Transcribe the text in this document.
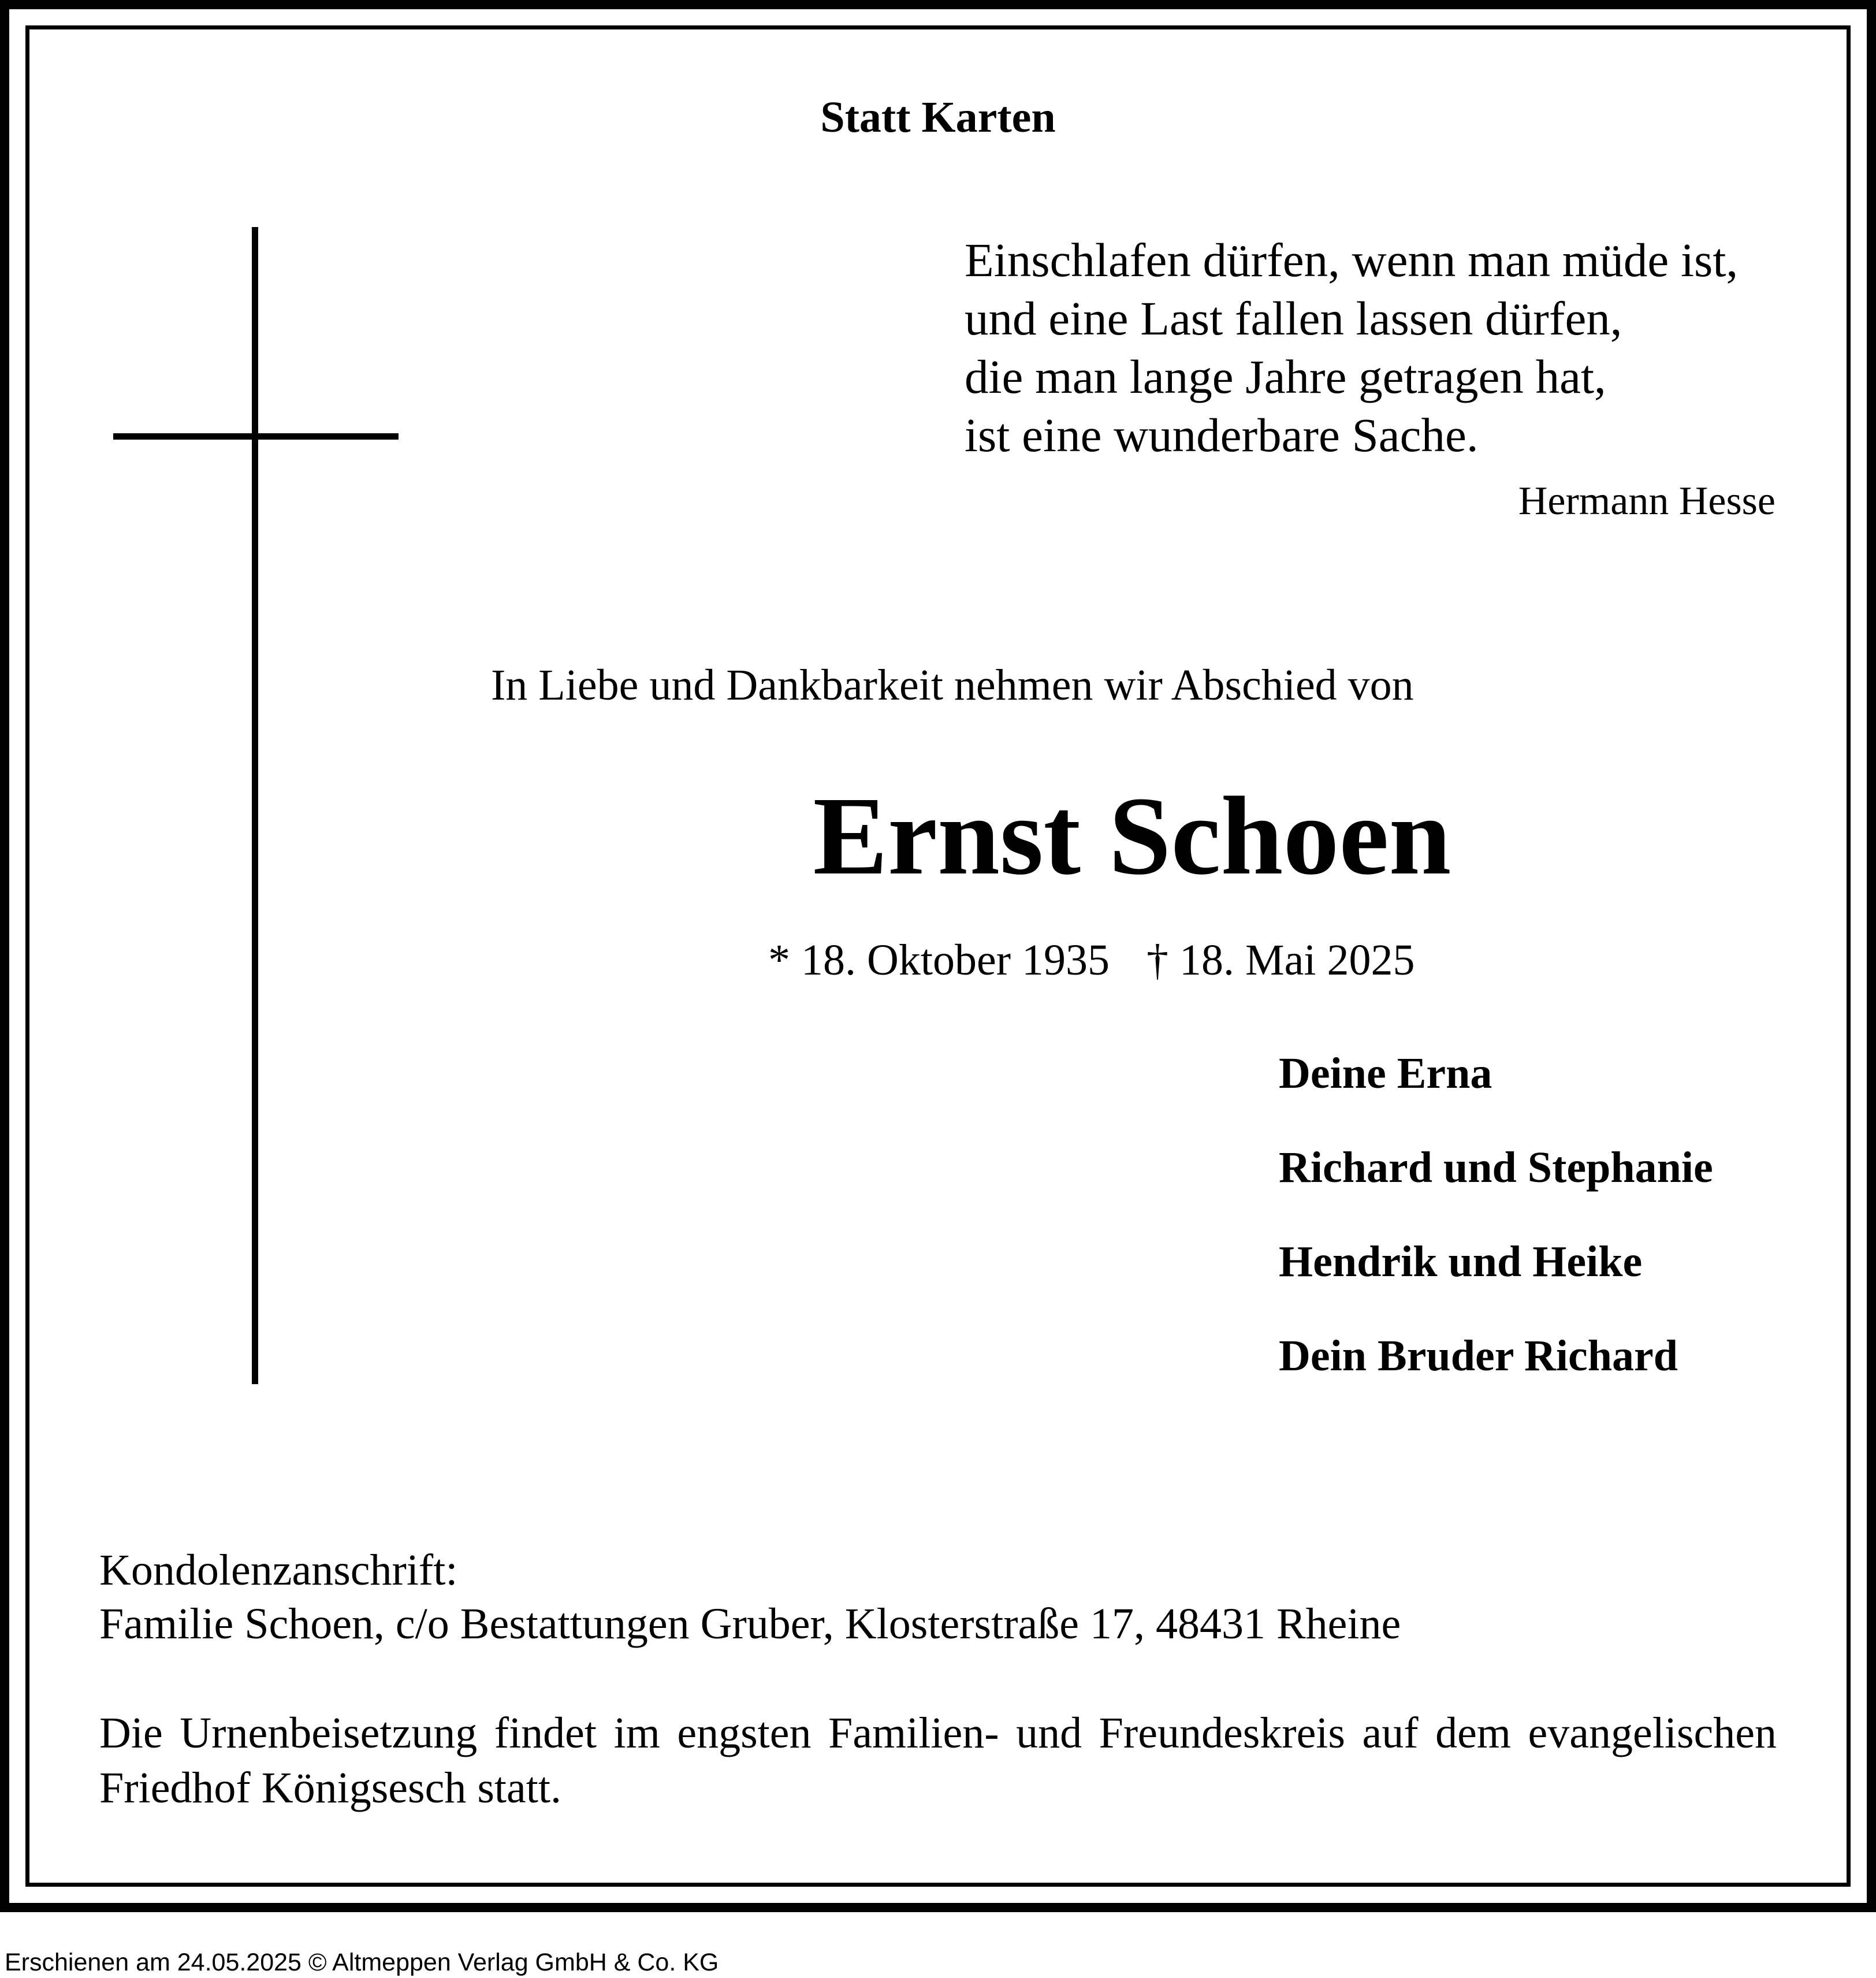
Statt Karten
Einschlafen dürfen, wenn man müde ist,
und eine Last fallen lassen dürfen,
die man lange Jahre getragen hat,
ist eine wunderbare Sache.
Hermann Hesse
In Liebe und Dankbarkeit nehmen wir Abschied von
Ernst Schoen
* 18. Oktober 1935 † 18. Mai 2025
Deine Erna
Richard und Stephanie
Hendrik und Heike
Dein Bruder Richard
Kondolenzanschrift:
Familie Schoen, c/o Bestattungen Gruber, Klosterstraße 17, 48431 Rheine
Die Urnenbeisetzung findet im engsten Familien- und Freundeskreis auf dem evangelischen Friedhof Königsesch statt.
Erschienen am 24.05.2025 © Altmeppen Verlag GmbH & Co. KG
